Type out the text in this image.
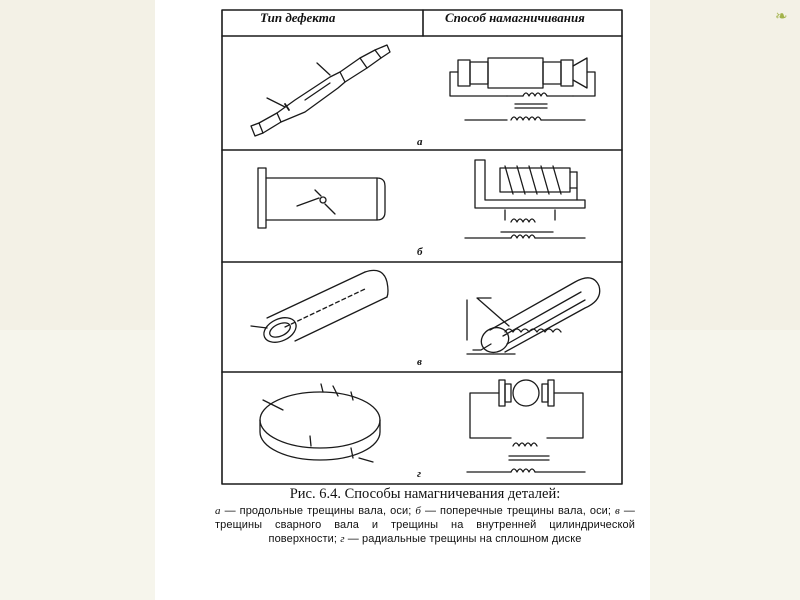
❧
Тип дефекта	Способ намагничивания
а
б
в
г
Рис. 6.4. Способы намагничевания деталей:
а — продольные трещины вала, оси; б — поперечные трещины вала, оси; в — трещины сварного вала и трещины на внутренней цилиндрической поверхности; г — радиальные трещины на сплошном диске
